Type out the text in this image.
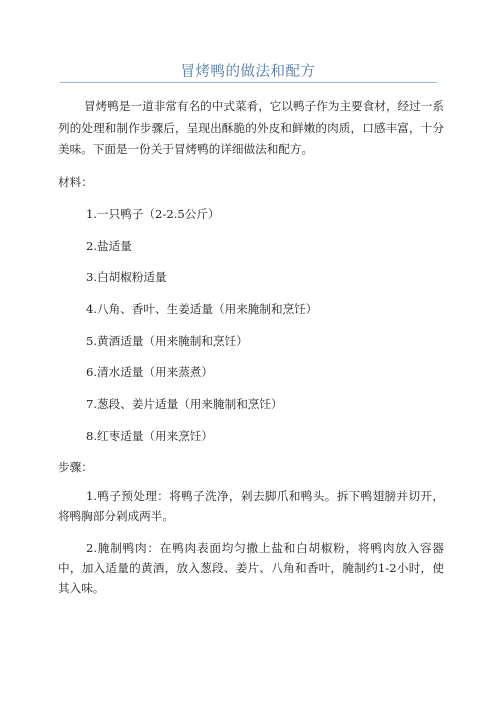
冒烤鸭的做法和配方

冒烤鸭是一道非常有名的中式菜肴，它以鸭子作为主要食材，经过一系列的处理和制作步骤后，呈现出酥脆的外皮和鲜嫩的肉质，口感丰富，十分美味。下面是一份关于冒烤鸭的详细做法和配方。

材料：

1.一只鸭子（2-2.5公斤）

2.盐适量

3.白胡椒粉适量

4.八角、香叶、生姜适量（用来腌制和烹饪）

5.黄酒适量（用来腌制和烹饪）

6.清水适量（用来蒸煮）

7.葱段、姜片适量（用来腌制和烹饪）

8.红枣适量（用来烹饪）

步骤：

1.鸭子预处理：将鸭子洗净，剁去脚爪和鸭头。拆下鸭翅膀并切开，将鸭胸部分剁成两半。

2.腌制鸭肉：在鸭肉表面均匀撒上盐和白胡椒粉，将鸭肉放入容器中，加入适量的黄酒，放入葱段、姜片、八角和香叶，腌制约1-2小时，使其入味。
